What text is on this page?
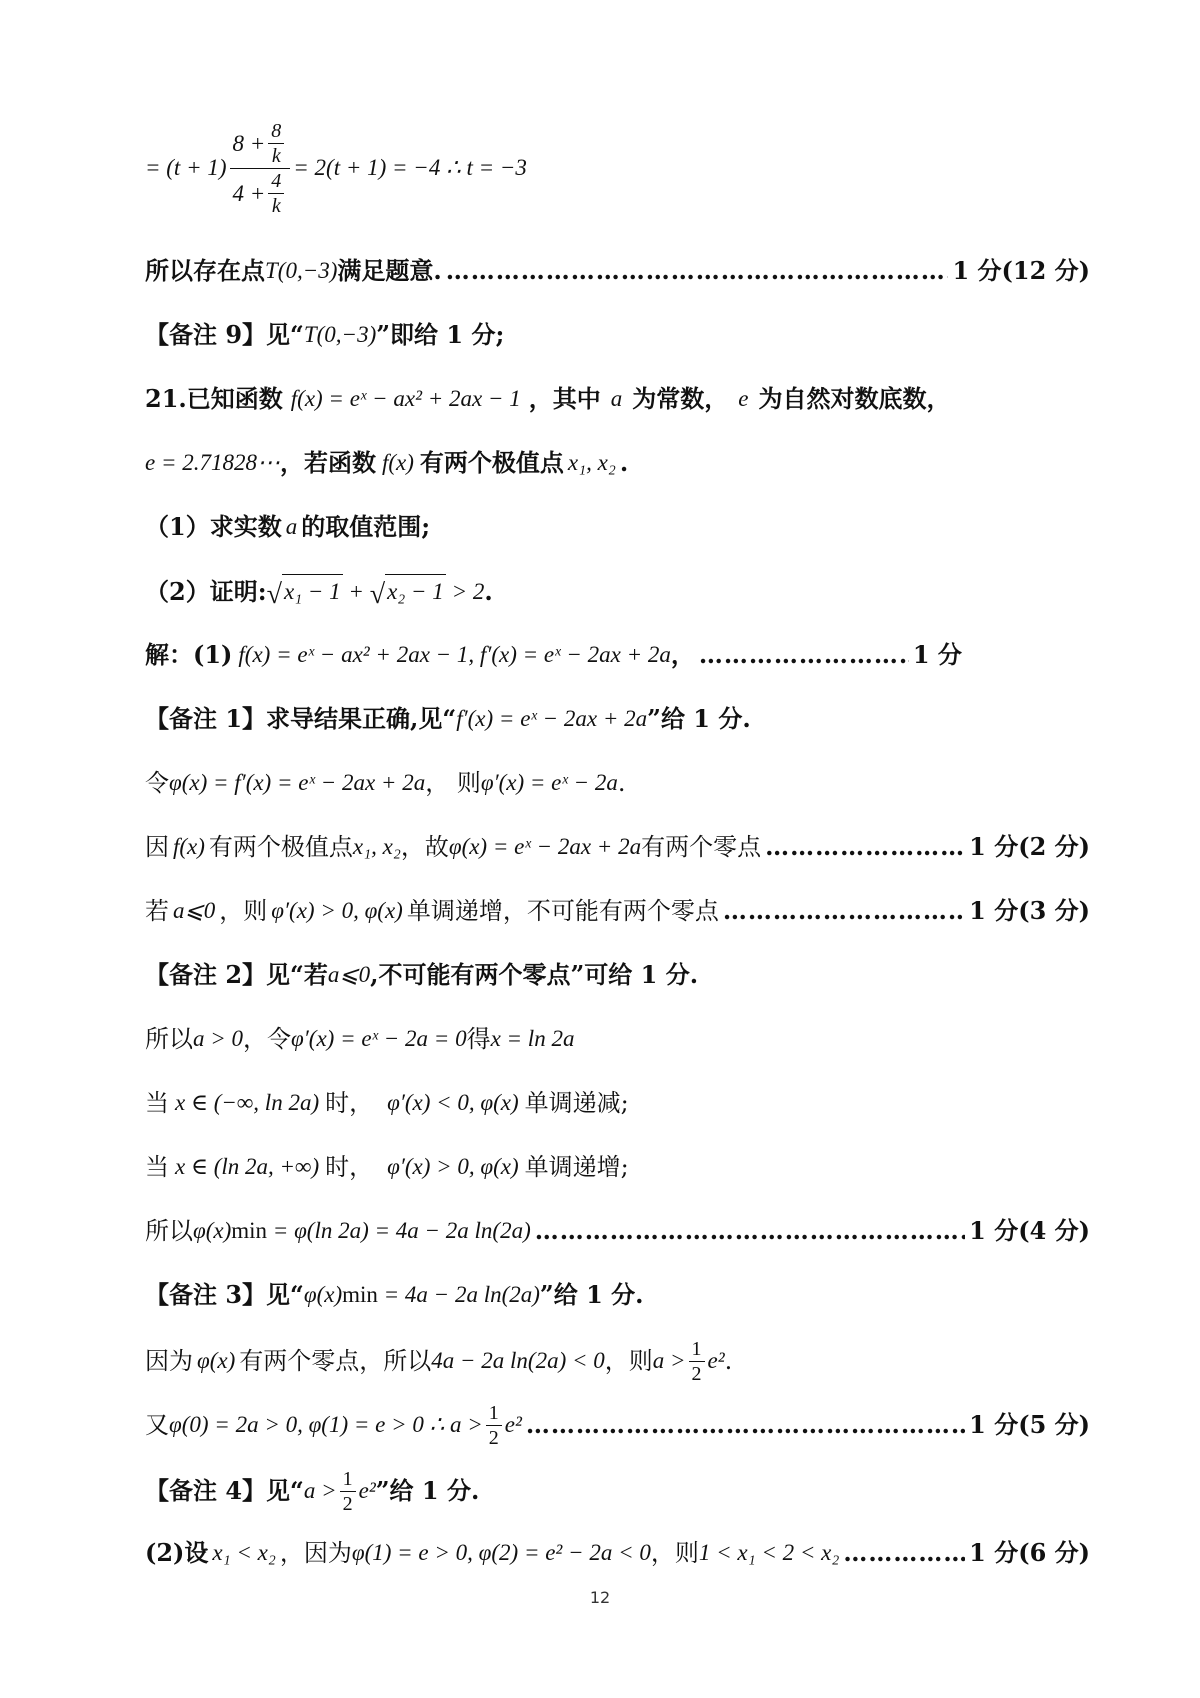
= $(t + 1) \frac{8 + \frac{8}{k}}{4 + \frac{4}{k}} = 2(t + 1) = -4$ ∴ t = −3
所以存在点 T(0,−3) 满足题意. ………………………………………………………………………………………………………………………………………………	1 分(12 分)
【备注 9】见“ T(0,−3) ”即给 1 分;
21.已知函数 f(x) = eˣ − ax² + 2ax − 1 ，其中 a 为常数， e 为自然对数底数，
e = 2.71828⋯ ，若函数 f(x) 有两个极值点 x₁, x₂ .
（1）求实数 a 的取值范围;
（2）证明: √ x₁ − 1 + √ x₂ − 1 > 2 .
解：(1) f(x) = eˣ − ax² + 2ax − 1, f′(x) = eˣ − 2ax + 2a ， ………………………………………………………………………………………………………………………………………………	1 分
【备注 1】求导结果正确,见“ f′(x) = eˣ − 2ax + 2a ”给 1 分.
令 φ(x) = f′(x) = eˣ − 2ax + 2a ， 则 φ′(x) = eˣ − 2a .
因 f(x) 有两个极值点 x₁, x₂ ，故 φ(x) = eˣ − 2ax + 2a 有两个零点 ………………………………………………………………………………………………………………………………………………	1 分(2 分)
若 a⩽0 ，则 φ′(x) > 0, φ(x) 单调递增，不可能有两个零点 ………………………………………………………………………………………………………………………………………………	1 分(3 分)
【备注 2】见“若 a⩽0 ,不可能有两个零点”可给 1 分.
所以 a > 0 ，令 φ′(x) = eˣ − 2a = 0 得 x = ln 2a
当 x ∈ (−∞, ln 2a) 时， φ′(x) < 0, φ(x) 单调递减;
当 x ∈ (ln 2a, +∞) 时， φ′(x) > 0, φ(x) 单调递增;
所以 φ(x) min = φ(ln 2a) = 4a − 2a ln(2a) ………………………………………………………………………………………………………………………………………………	1 分(4 分)
【备注 3】见“ φ(x) min = 4a − 2a ln(2a) ”给 1 分.
因为 φ(x) 有两个零点，所以 4a − 2a ln(2a) < 0 ，则 $a > \frac{1}{2} e^2$ .
又 φ(0) = 2a > 0, φ(1) = e > 0 ∴ $a > \frac{1}{2} e^2$ ………………………………………………………………………………………………………………………………………………	1 分(5 分)
【备注 4】见“ $a > \frac{1}{2} e^2$ ”给 1 分.
(2)设 x₁ < x₂ ，因为 φ(1) = e > 0, φ(2) = e² − 2a < 0 ，则 1 < x₁ < 2 < x₂ ………………………………………………………………………………………………………………………………………………	1 分(6 分)
12
